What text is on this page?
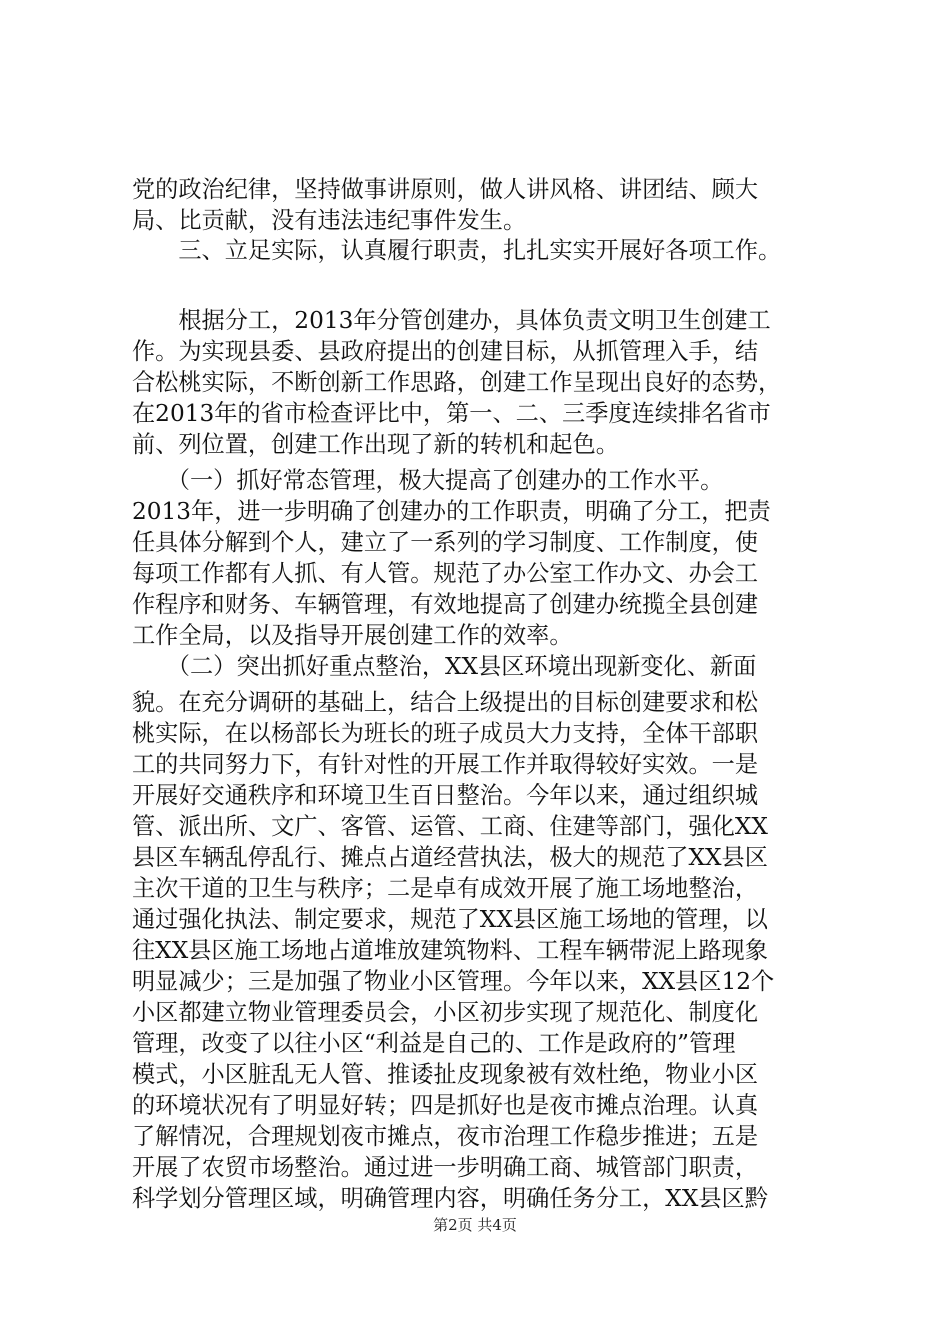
党的政治纪律，坚持做事讲原则，做人讲风格、讲团结、顾大
局、比贡献，没有违法违纪事件发生。
　　三、立足实际，认真履行职责，扎扎实实开展好各项工作。
　　根据分工，2013年分管创建办，具体负责文明卫生创建工
作。为实现县委、县政府提出的创建目标，从抓管理入手，结
合松桃实际，不断创新工作思路，创建工作呈现出良好的态势，
在2013年的省市检查评比中，第一、二、三季度连续排名省市
前、列位置，创建工作出现了新的转机和起色。
　　（一）抓好常态管理，极大提高了创建办的工作水平。
2013年，进一步明确了创建办的工作职责，明确了分工，把责
任具体分解到个人，建立了一系列的学习制度、工作制度，使
每项工作都有人抓、有人管。规范了办公室工作办文、办会工
作程序和财务、车辆管理，有效地提高了创建办统揽全县创建
工作全局，以及指导开展创建工作的效率。
　　（二）突出抓好重点整治，XX县区环境出现新变化、新面
貌。在充分调研的基础上，结合上级提出的目标创建要求和松
桃实际，在以杨部长为班长的班子成员大力支持，全体干部职
工的共同努力下，有针对性的开展工作并取得较好实效。一是
开展好交通秩序和环境卫生百日整治。今年以来，通过组织城
管、派出所、文广、客管、运管、工商、住建等部门，强化XX
县区车辆乱停乱行、摊点占道经营执法，极大的规范了XX县区
主次干道的卫生与秩序；二是卓有成效开展了施工场地整治，
通过强化执法、制定要求，规范了XX县区施工场地的管理，以
往XX县区施工场地占道堆放建筑物料、工程车辆带泥上路现象
明显减少；三是加强了物业小区管理。今年以来，XX县区12个
小区都建立物业管理委员会，小区初步实现了规范化、制度化
管理，改变了以往小区“利益是自己的、工作是政府的”管理
模式，小区脏乱无人管、推诿扯皮现象被有效杜绝，物业小区
的环境状况有了明显好转；四是抓好也是夜市摊点治理。认真
了解情况，合理规划夜市摊点，夜市治理工作稳步推进；五是
开展了农贸市场整治。通过进一步明确工商、城管部门职责，
科学划分管理区域，明确管理内容，明确任务分工，XX县区黔
第2页 共4页
